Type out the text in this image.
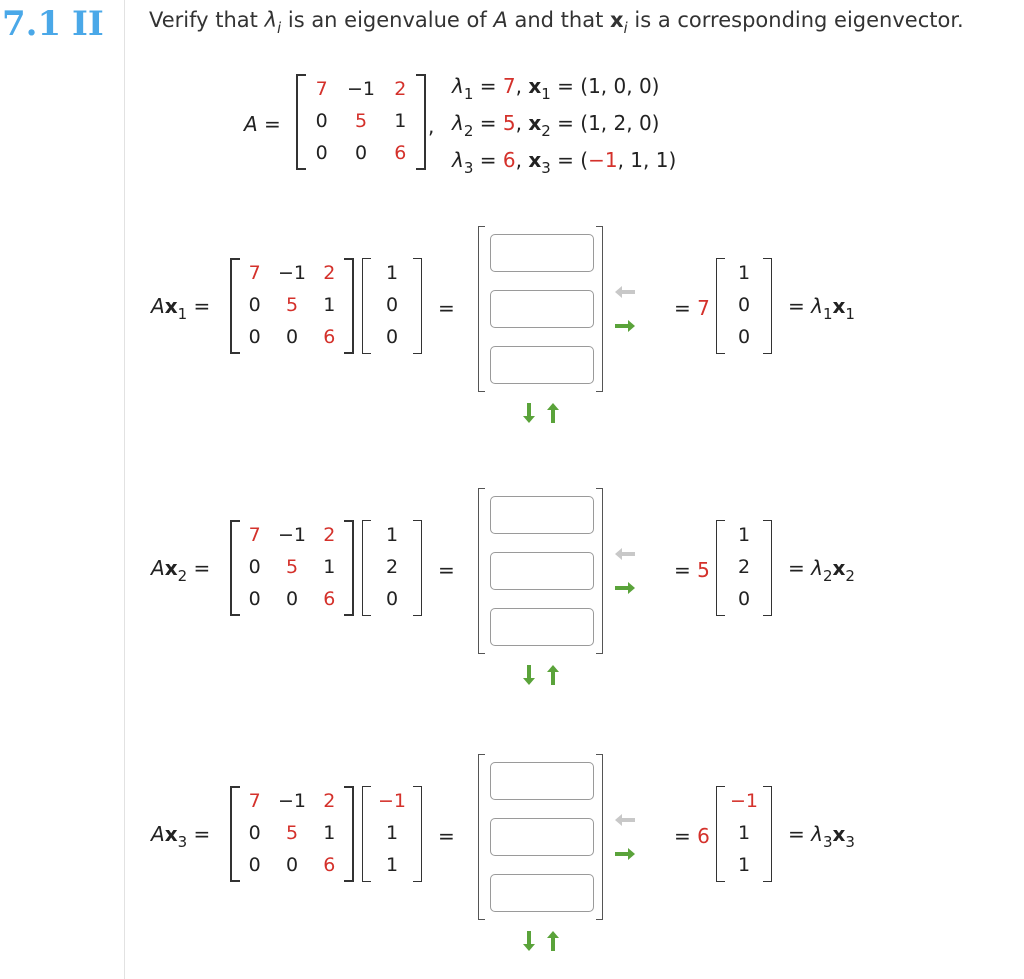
7.1 II Verify that $\lambda_i$ is an eigenvalue of A and that $x_i$ is a corresponding eigenvector.
A =
7	−1	2
0	5	1
0	0	6
,
$\lambda_1 = 7$, $x_1 = (1$, 0, 0)
$\lambda_2 = 5$, $x_2 = (1$, 2, 0)
$\lambda_3 = 6$, $x_3 = (-1$, 1, 1)
$Ax_1$ =
7 −1 2
0	5	1
0	0	6
1
0
0
=	= 7
1
0
0
= $\lambda_1x_1$
$Ax_2$ =
7 −1 2
0	5	1
0	0	6
1
2
0
=	= 5
1
2
0
= $\lambda_2x_2$
$Ax_3$ =
7 −1 2
0	5	1
0	0	6
−1
1
1
=	= 6
−1
1
1
= $\lambda_3x_3$
